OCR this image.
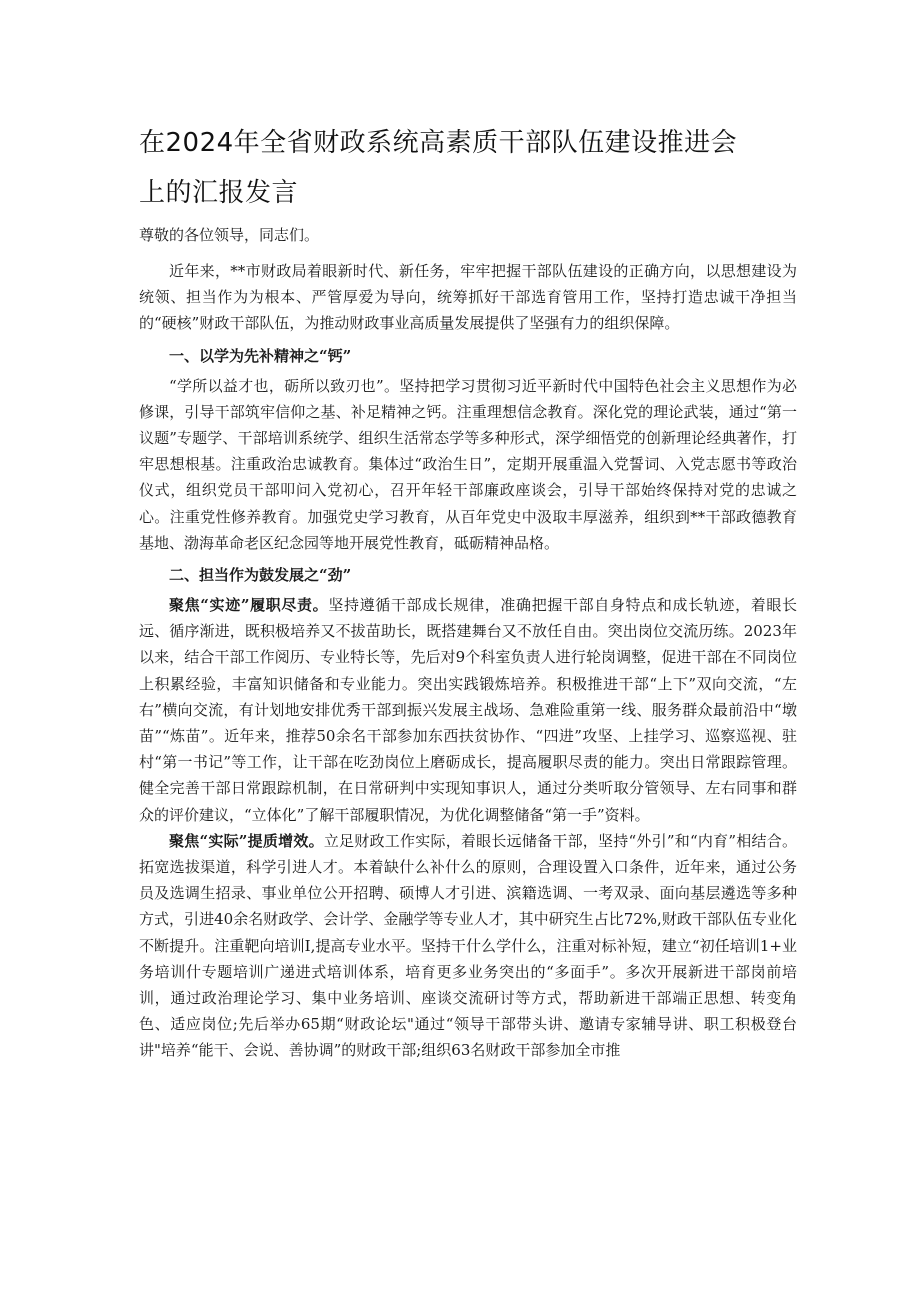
在2024年全省财政系统高素质干部队伍建设推进会
上的汇报发言

尊敬的各位领导，同志们。

近年来，**市财政局着眼新时代、新任务，牢牢把握干部队伍建设的正确方向，以思想建设为统领、担当作为为根本、严管厚爱为导向，统筹抓好干部选育管用工作，坚持打造忠诚干净担当的“硬核”财政干部队伍，为推动财政事业高质量发展提供了坚强有力的组织保障。

一、以学为先补精神之“钙”

“学所以益才也，砺所以致刃也”。坚持把学习贯彻习近平新时代中国特色社会主义思想作为必修课，引导干部筑牢信仰之基、补足精神之钙。注重理想信念教育。深化党的理论武装，通过“第一议题”专题学、干部培训系统学、组织生活常态学等多种形式，深学细悟党的创新理论经典著作，打牢思想根基。注重政治忠诚教育。集体过“政治生日”，定期开展重温入党誓词、入党志愿书等政治仪式，组织党员干部叩问入党初心，召开年轻干部廉政座谈会，引导干部始终保持对党的忠诚之心。注重党性修养教育。加强党史学习教育，从百年党史中汲取丰厚滋养，组织到**干部政德教育基地、渤海革命老区纪念园等地开展党性教育，砥砺精神品格。

二、担当作为鼓发展之“劲”

聚焦“实迹”履职尽责。坚持遵循干部成长规律，准确把握干部自身特点和成长轨迹，着眼长远、循序渐进，既积极培养又不拔苗助长，既搭建舞台又不放任自由。突出岗位交流历练。2023年以来，结合干部工作阅历、专业特长等，先后对9个科室负责人进行轮岗调整，促进干部在不同岗位上积累经验，丰富知识储备和专业能力。突出实践锻炼培养。积极推进干部“上下”双向交流，“左右”横向交流，有计划地安排优秀干部到振兴发展主战场、急难险重第一线、服务群众最前沿中“墩苗”“炼苗”。近年来，推荐50余名干部参加东西扶贫协作、“四进”攻坚、上挂学习、巡察巡视、驻村“第一书记”等工作，让干部在吃劲岗位上磨砺成长，提高履职尽责的能力。突出日常跟踪管理。健全完善干部日常跟踪机制，在日常研判中实现知事识人，通过分类听取分管领导、左右同事和群众的评价建议，“立体化”了解干部履职情况，为优化调整储备“第一手”资料。

聚焦“实际”提质增效。立足财政工作实际，着眼长远储备干部，坚持“外引”和“内育”相结合。拓宽选拔渠道，科学引进人才。本着缺什么补什么的原则，合理设置入口条件，近年来，通过公务员及选调生招录、事业单位公开招聘、硕博人才引进、滨籍选调、一考双录、面向基层遴选等多种方式，引进40余名财政学、会计学、金融学等专业人才，其中研究生占比72%,财政干部队伍专业化不断提升。注重靶向培训I,提高专业水平。坚持干什么学什么，注重对标补短，建立“初任培训1+业务培训什专题培训广递进式培训体系，培育更多业务突出的“多面手”。多次开展新进干部岗前培训，通过政治理论学习、集中业务培训、座谈交流研讨等方式，帮助新进干部端正思想、转变角色、适应岗位;先后举办65期“财政论坛"通过“领导干部带头讲、邀请专家辅导讲、职工积极登台讲"培养“能干、会说、善协调”的财政干部;组织63名财政干部参加全市推
